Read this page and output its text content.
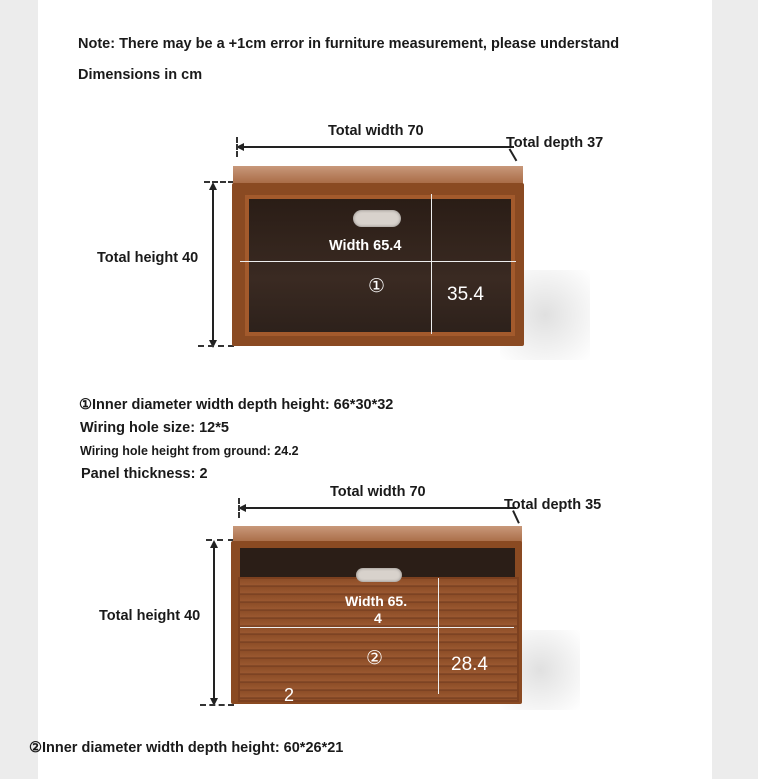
Note: There may be a +1cm error in furniture measurement, please understand
Dimensions in cm
Total width 70
Total depth 37
Total height 40
Width 65.4
35.4
①
①Inner diameter width depth height: 66*30*32
Wiring hole size: 12*5
Wiring hole height from ground: 24.2
Panel thickness: 2
Total width 70
Total depth 35
Total height 40
Width 65.
4
28.4
②
2
②Inner diameter width depth height: 60*26*21
